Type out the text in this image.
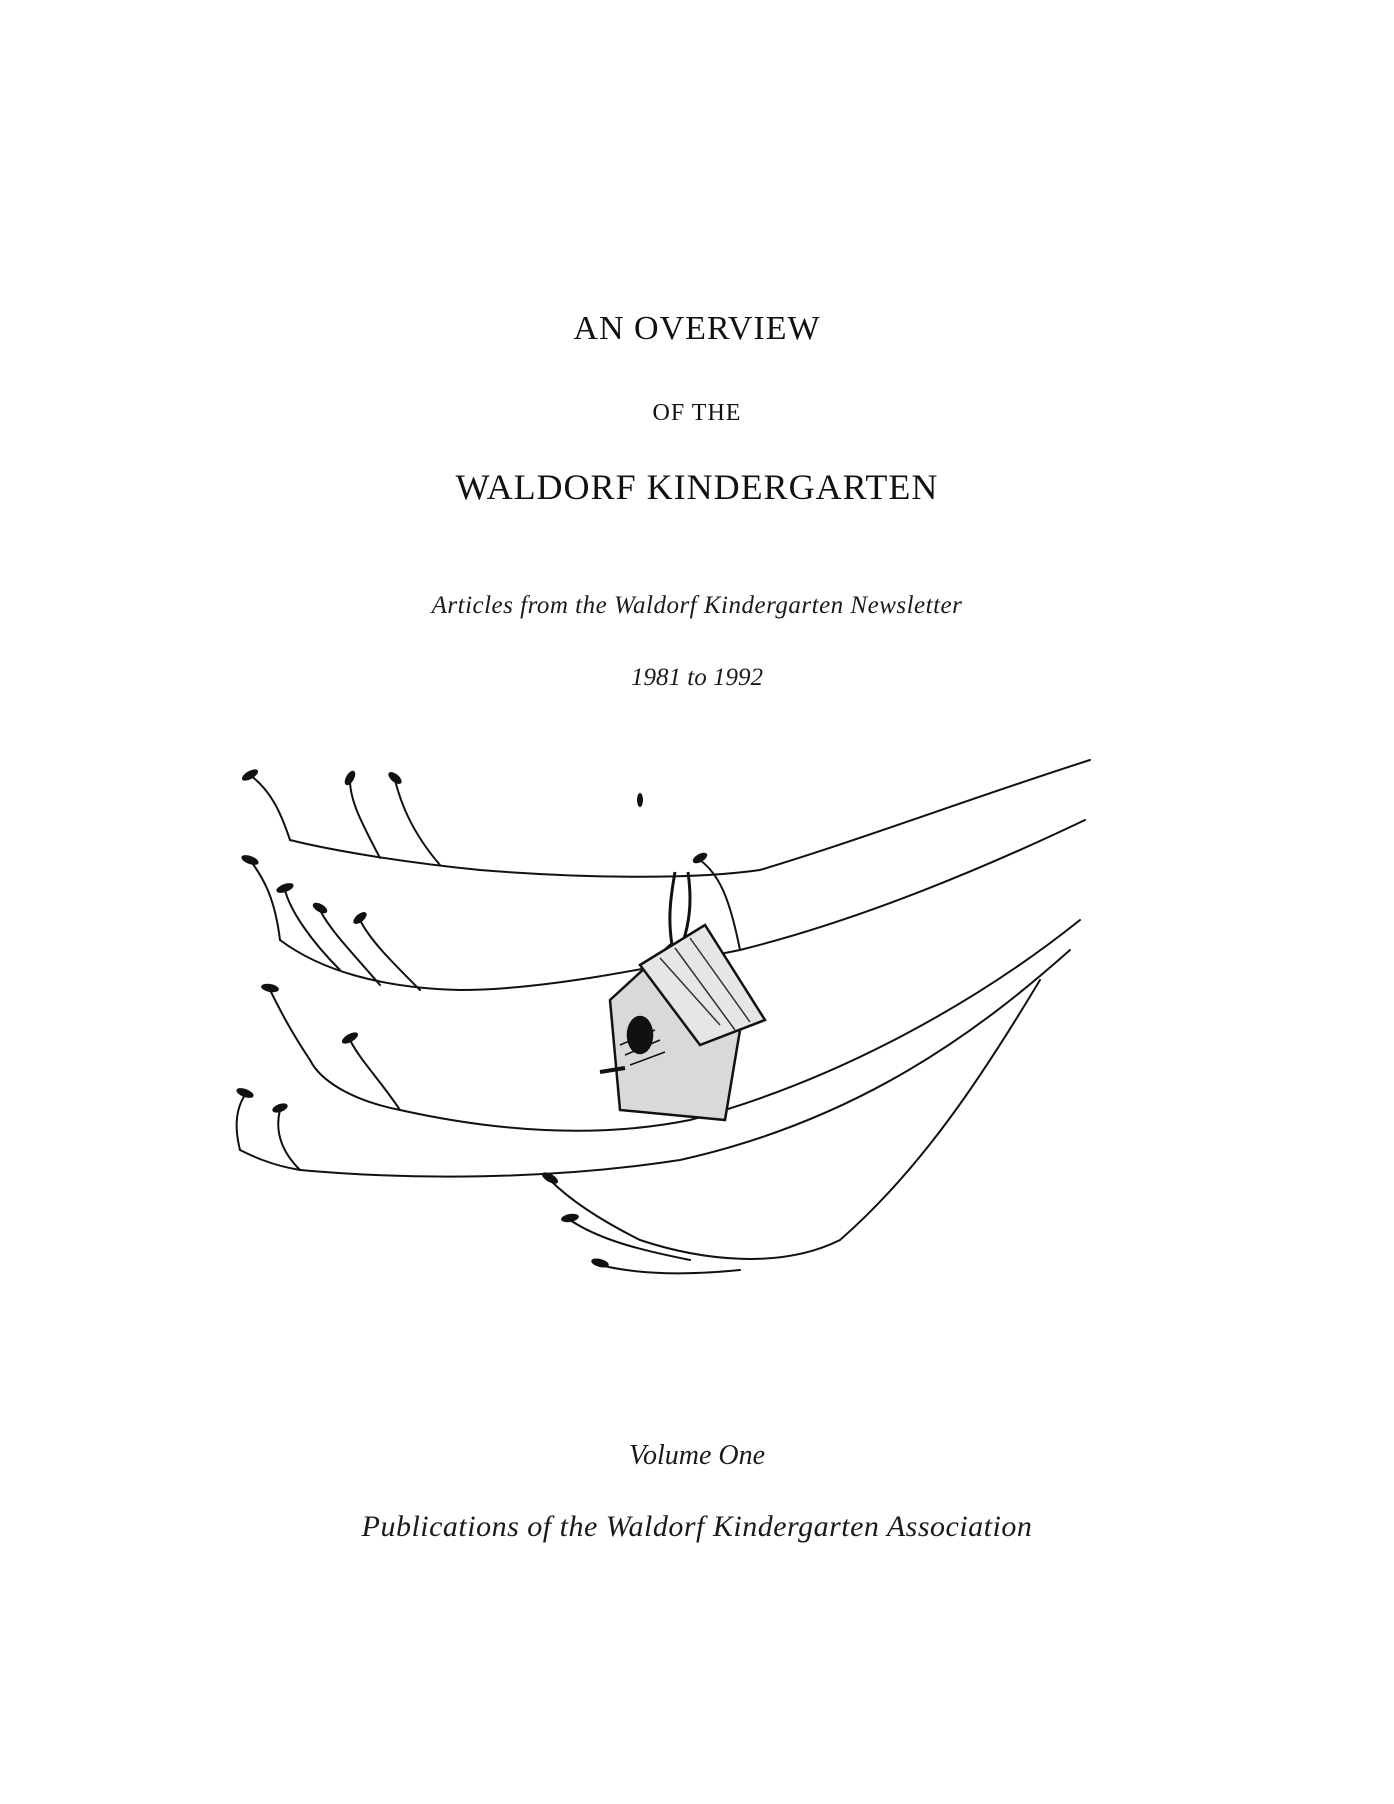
AN OVERVIEW
OF THE
WALDORF KINDERGARTEN
Articles from the Waldorf Kindergarten Newsletter
1981 to 1992
Volume One
Publications of the Waldorf Kindergarten Association
